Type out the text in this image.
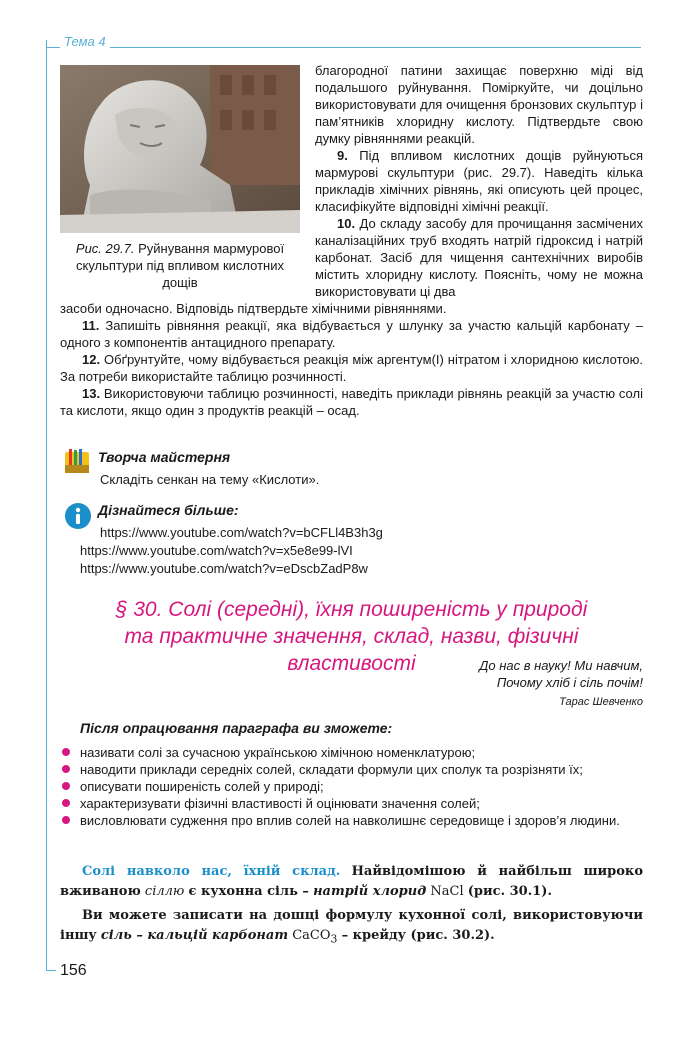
Тема 4
Рис. 29.7. Руйнування мармурової скульптури під впливом кислотних дощів
благородної патини захищає поверхню міді від подальшого руйнування. Поміркуйте, чи доцільно використовувати для очищення бронзових скульптур і пам’ятників хлоридну кислоту. Підтвердьте свою думку рівняннями реакцій.
9. Під впливом кислотних дощів руйнуються мармурові скульптури (рис. 29.7). Наведіть кілька прикладів хімічних рівнянь, які описують цей процес, класифікуйте відповідні хімічні реакції.
10. До складу засобу для прочищання засмічених каналізаційних труб входять натрій гідроксид і натрій карбонат. Засіб для чищення сантехнічних виробів містить хлоридну кислоту. Поясніть, чому не можна використовувати ці два
засоби одночасно. Відповідь підтвердьте хімічними рівняннями.
11. Запишіть рівняння реакції, яка відбувається у шлунку за участю кальцій карбонату – одного з компонентів антацидного препарату.
12. Обґрунтуйте, чому відбувається реакція між аргентум(I) нітратом і хлоридною кислотою. За потреби використайте таблицю розчинності.
13. Використовуючи таблицю розчинності, наведіть приклади рівнянь реакцій за участю солі та кислоти, якщо один з продуктів реакцій – осад.
Творча майстерня
Складіть сенкан на тему «Кислоти».
Дізнайтеся більше:
https://www.youtube.com/watch?v=bCFLl4B3h3g
https://www.youtube.com/watch?v=x5e8e99-lVI
https://www.youtube.com/watch?v=eDscbZadP8w
§ 30. Солі (середні), їхня поширеність у природі
та практичне значення, склад, назви, фізичні властивості	До нас в науку! Ми навчим,
Почому хліб і сіль почім!
Тарас Шевченко
Після опрацювання параграфа ви зможете:
називати солі за сучасною українською хімічною номенклатурою;
наводити приклади середніх солей, складати формули цих сполук та розрізняти їх;
описувати поширеність солей у природі;
характеризувати фізичні властивості й оцінювати значення солей;
висловлювати судження про вплив солей на навколишнє середовище і здоров’я людини.
Солі навколо нас, їхній склад. Найвідомішою й найбільш широко вживаною сіллю є кухонна сіль – натрій хлорид NaCl (рис. 30.1).
Ви можете записати на дошці формулу кухонної солі, використовуючи іншу сіль – кальцій карбонат CaCO$_3$ – крейду (рис. 30.2).
156
